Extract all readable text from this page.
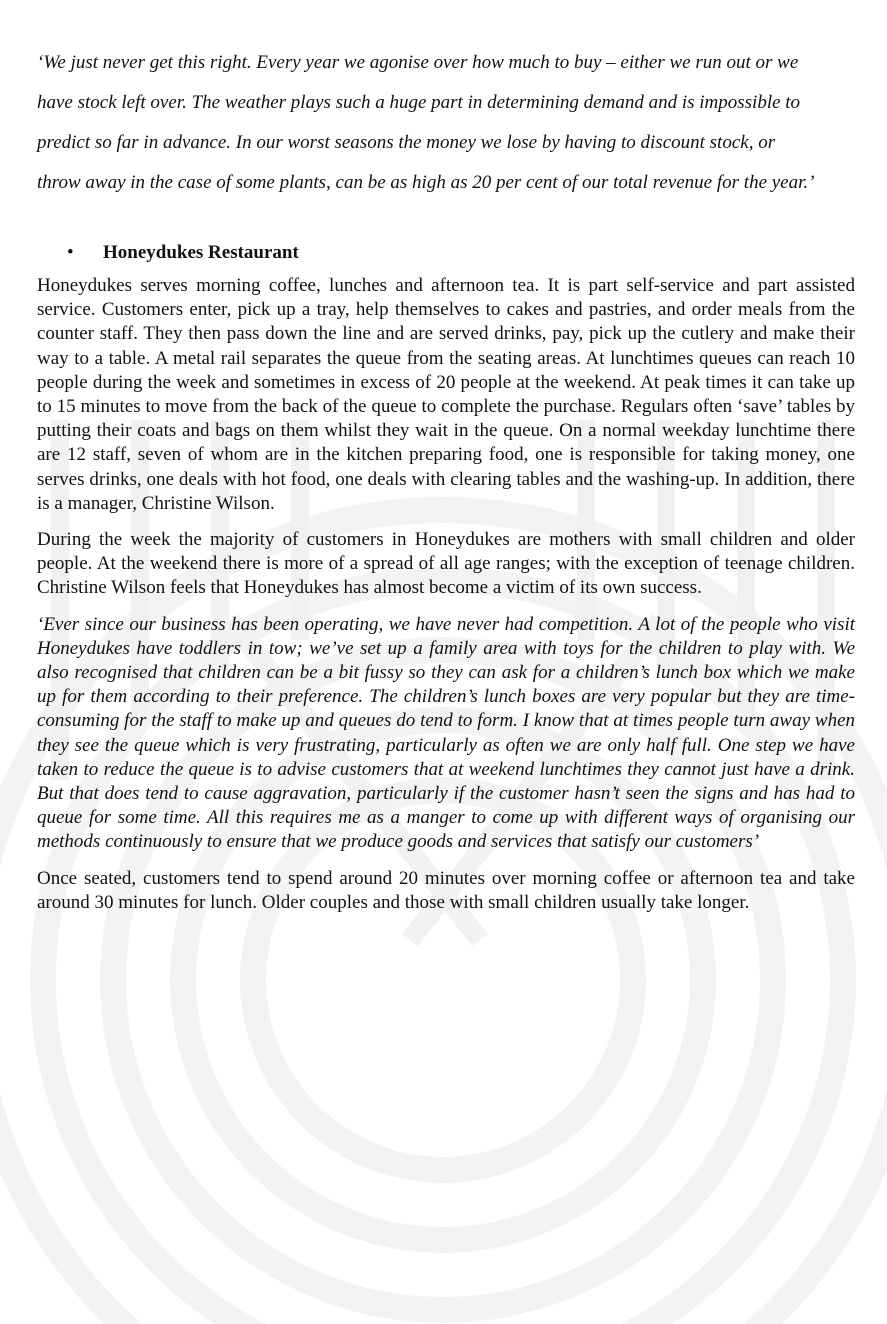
‘We just never get this right. Every year we agonise over how much to buy – either we run out or we have stock left over. The weather plays such a huge part in determining demand and is impossible to predict so far in advance. In our worst seasons the money we lose by having to discount stock, or throw away in the case of some plants, can be as high as 20 per cent of our total revenue for the year.’

•	Honeydukes Restaurant

Honeydukes serves morning coffee, lunches and afternoon tea. It is part self-service and part assisted service. Customers enter, pick up a tray, help themselves to cakes and pastries, and order meals from the counter staff. They then pass down the line and are served drinks, pay, pick up the cutlery and make their way to a table. A metal rail separates the queue from the seating areas. At lunchtimes queues can reach 10 people during the week and sometimes in excess of 20 people at the weekend. At peak times it can take up to 15 minutes to move from the back of the queue to complete the purchase. Regulars often ‘save’ tables by putting their coats and bags on them whilst they wait in the queue. On a normal weekday lunchtime there are 12 staff, seven of whom are in the kitchen preparing food, one is responsible for taking money, one serves drinks, one deals with hot food, one deals with clearing tables and the washing-up. In addition, there is a manager, Christine Wilson.

During the week the majority of customers in Honeydukes are mothers with small children and older people. At the weekend there is more of a spread of all age ranges; with the exception of teenage children. Christine Wilson feels that Honeydukes has almost become a victim of its own success.

‘Ever since our business has been operating, we have never had competition. A lot of the people who visit Honeydukes have toddlers in tow; we’ve set up a family area with toys for the children to play with. We also recognised that children can be a bit fussy so they can ask for a children’s lunch box which we make up for them according to their preference. The children’s lunch boxes are very popular but they are time-consuming for the staff to make up and queues do tend to form. I know that at times people turn away when they see the queue which is very frustrating, particularly as often we are only half full. One step we have taken to reduce the queue is to advise customers that at weekend lunchtimes they cannot just have a drink. But that does tend to cause aggravation, particularly if the customer hasn’t seen the signs and has had to queue for some time. All this requires me as a manger to come up with different ways of organising our methods continuously to ensure that we produce goods and services that satisfy our customers’

Once seated, customers tend to spend around 20 minutes over morning coffee or afternoon tea and take around 30 minutes for lunch. Older couples and those with small children usually take longer.
